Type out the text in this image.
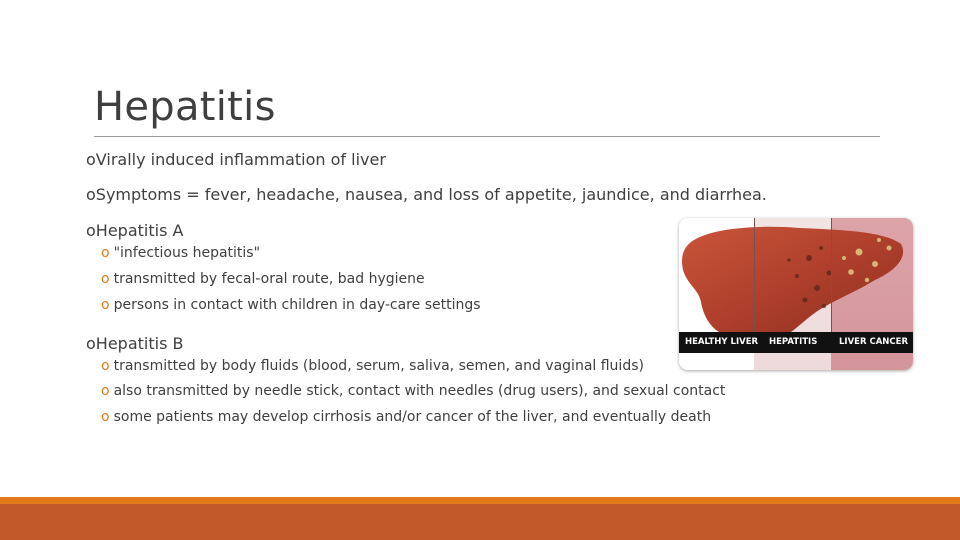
Hepatitis
oVirally induced inflammation of liver
oSymptoms = fever, headache, nausea, and loss of appetite, jaundice, and diarrhea.
oHepatitis A
o "infectious hepatitis"
o transmitted by fecal-oral route, bad hygiene
o persons in contact with children in day-care settings
oHepatitis B
o transmitted by body fluids (blood, serum, saliva, semen, and vaginal fluids)
o also transmitted by needle stick, contact with needles (drug users), and sexual contact
o some patients may develop cirrhosis and/or cancer of the liver, and eventually death
HEALTHY LIVER HEPATITIS	LIVER CANCER
